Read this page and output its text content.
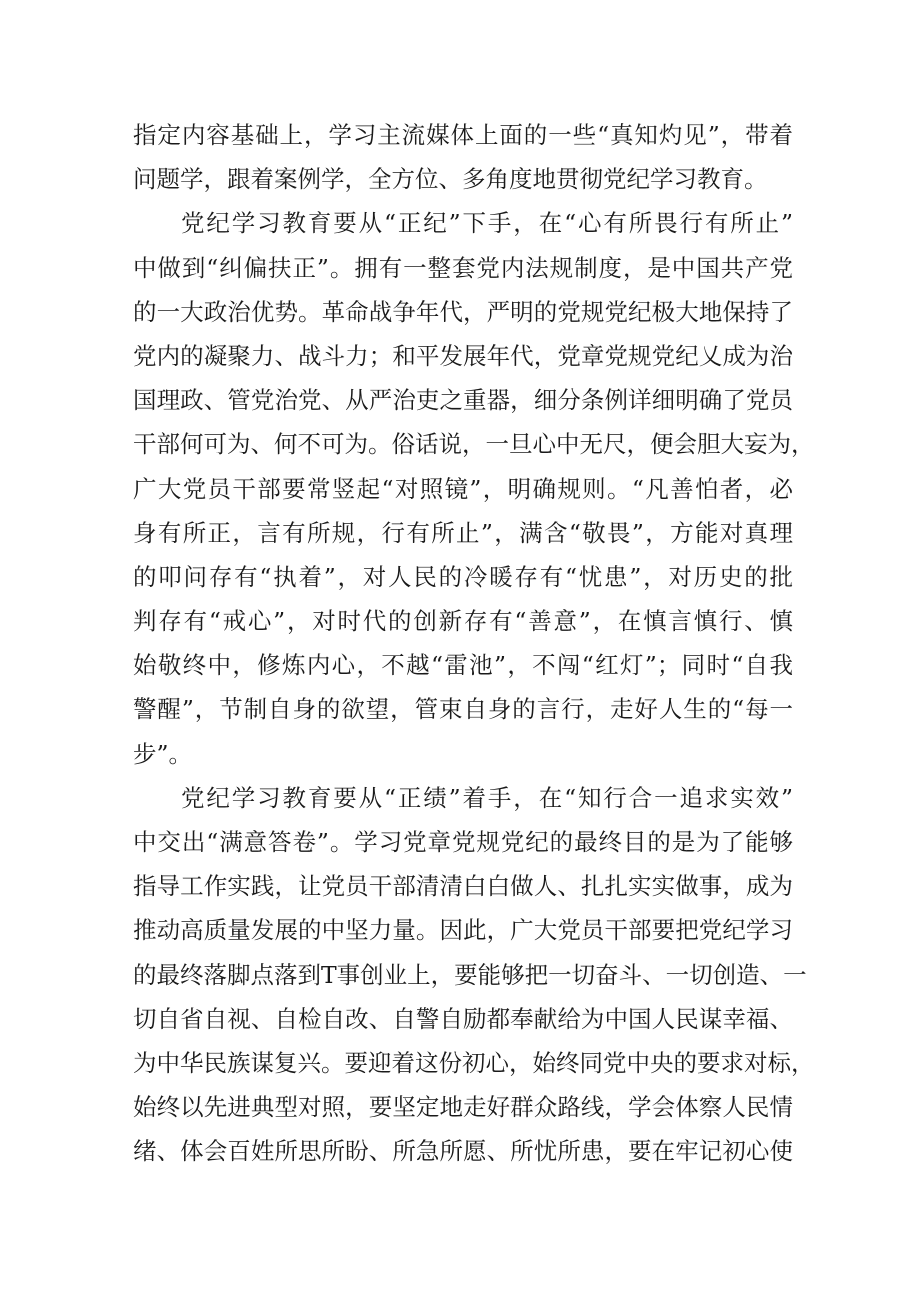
指定内容基础上，学习主流媒体上面的一些“真知灼见”，带着
问题学，跟着案例学，全方位、多角度地贯彻党纪学习教育。
党纪学习教育要从“正纪”下手，在“心有所畏行有所止”
中做到“纠偏扶正”。拥有一整套党内法规制度，是中国共产党
的一大政治优势。革命战争年代，严明的党规党纪极大地保持了
党内的凝聚力、战斗力；和平发展年代，党章党规党纪乂成为治
国理政、管党治党、从严治吏之重器，细分条例详细明确了党员
干部何可为、何不可为。俗话说，一旦心中无尺，便会胆大妄为，
广大党员干部要常竖起“对照镜”，明确规则。“凡善怕者，必
身有所正，言有所规，行有所止”，满含“敬畏”，方能对真理
的叩问存有“执着”，对人民的冷暖存有“忧患”，对历史的批
判存有“戒心”，对时代的创新存有“善意”，在慎言慎行、慎
始敬终中，修炼内心，不越“雷池”，不闯“红灯”；同时“自我
警醒”，节制自身的欲望，管束自身的言行，走好人生的“每一
步”。
党纪学习教育要从“正绩”着手，在“知行合一追求实效”
中交出“满意答卷”。学习党章党规党纪的最终目的是为了能够
指导工作实践，让党员干部清清白白做人、扎扎实实做事，成为
推动高质量发展的中坚力量。因此，广大党员干部要把党纪学习
的最终落脚点落到T事创业上，要能够把一切奋斗、一切创造、一
切自省自视、自检自改、自警自励都奉献给为中国人民谋幸福、
为中华民族谋复兴。要迎着这份初心，始终同党中央的要求对标，
始终以先进典型对照，要坚定地走好群众路线，学会体察人民情
绪、体会百姓所思所盼、所急所愿、所忧所患，要在牢记初心使
